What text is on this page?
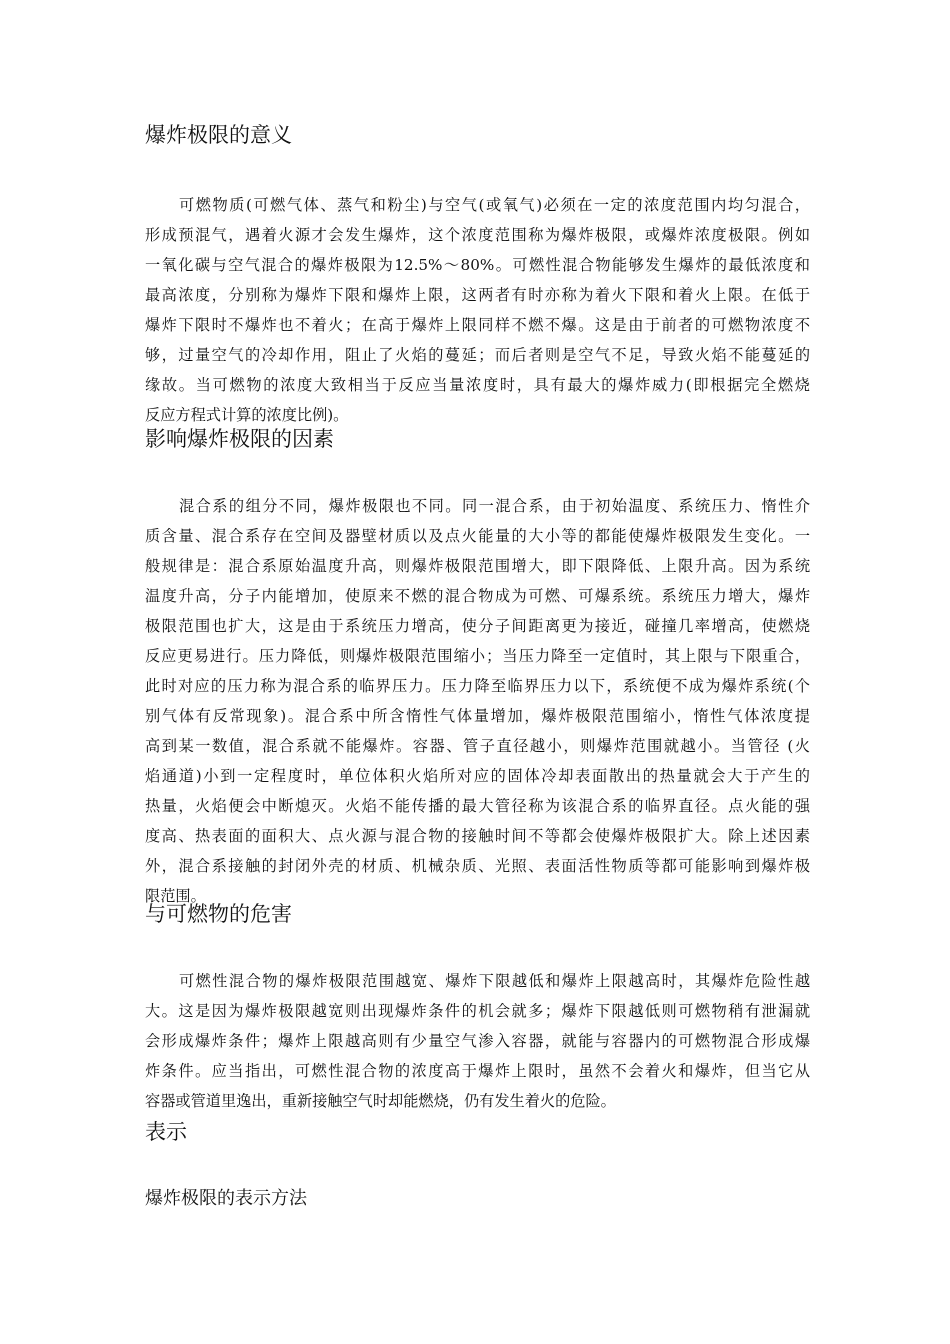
爆炸极限的意义
可燃物质(可燃气体、蒸气和粉尘)与空气(或氧气)必须在一定的浓度范围内均匀混合，
形成预混气，遇着火源才会发生爆炸，这个浓度范围称为爆炸极限，或爆炸浓度极限。例如
一氧化碳与空气混合的爆炸极限为12.5%～80%。可燃性混合物能够发生爆炸的最低浓度和
最高浓度，分别称为爆炸下限和爆炸上限，这两者有时亦称为着火下限和着火上限。在低于
爆炸下限时不爆炸也不着火；在高于爆炸上限同样不燃不爆。这是由于前者的可燃物浓度不
够，过量空气的冷却作用，阻止了火焰的蔓延；而后者则是空气不足，导致火焰不能蔓延的
缘故。当可燃物的浓度大致相当于反应当量浓度时，具有最大的爆炸威力(即根据完全燃烧
反应方程式计算的浓度比例)。
影响爆炸极限的因素
混合系的组分不同，爆炸极限也不同。同一混合系，由于初始温度、系统压力、惰性介
质含量、混合系存在空间及器壁材质以及点火能量的大小等的都能使爆炸极限发生变化。一
般规律是：混合系原始温度升高，则爆炸极限范围增大，即下限降低、上限升高。因为系统
温度升高，分子内能增加，使原来不燃的混合物成为可燃、可爆系统。系统压力增大，爆炸
极限范围也扩大，这是由于系统压力增高，使分子间距离更为接近，碰撞几率增高，使燃烧
反应更易进行。压力降低，则爆炸极限范围缩小；当压力降至一定值时，其上限与下限重合，
此时对应的压力称为混合系的临界压力。压力降至临界压力以下，系统便不成为爆炸系统(个
别气体有反常现象)。混合系中所含惰性气体量增加，爆炸极限范围缩小，惰性气体浓度提
高到某一数值，混合系就不能爆炸。容器、管子直径越小，则爆炸范围就越小。当管径 (火
焰通道)小到一定程度时，单位体积火焰所对应的固体冷却表面散出的热量就会大于产生的
热量，火焰便会中断熄灭。火焰不能传播的最大管径称为该混合系的临界直径。点火能的强
度高、热表面的面积大、点火源与混合物的接触时间不等都会使爆炸极限扩大。除上述因素
外，混合系接触的封闭外壳的材质、机械杂质、光照、表面活性物质等都可能影响到爆炸极
限范围。
与可燃物的危害
可燃性混合物的爆炸极限范围越宽、爆炸下限越低和爆炸上限越高时，其爆炸危险性越
大。这是因为爆炸极限越宽则出现爆炸条件的机会就多；爆炸下限越低则可燃物稍有泄漏就
会形成爆炸条件；爆炸上限越高则有少量空气渗入容器，就能与容器内的可燃物混合形成爆
炸条件。应当指出，可燃性混合物的浓度高于爆炸上限时，虽然不会着火和爆炸，但当它从
容器或管道里逸出，重新接触空气时却能燃烧，仍有发生着火的危险。
表示
爆炸极限的表示方法
